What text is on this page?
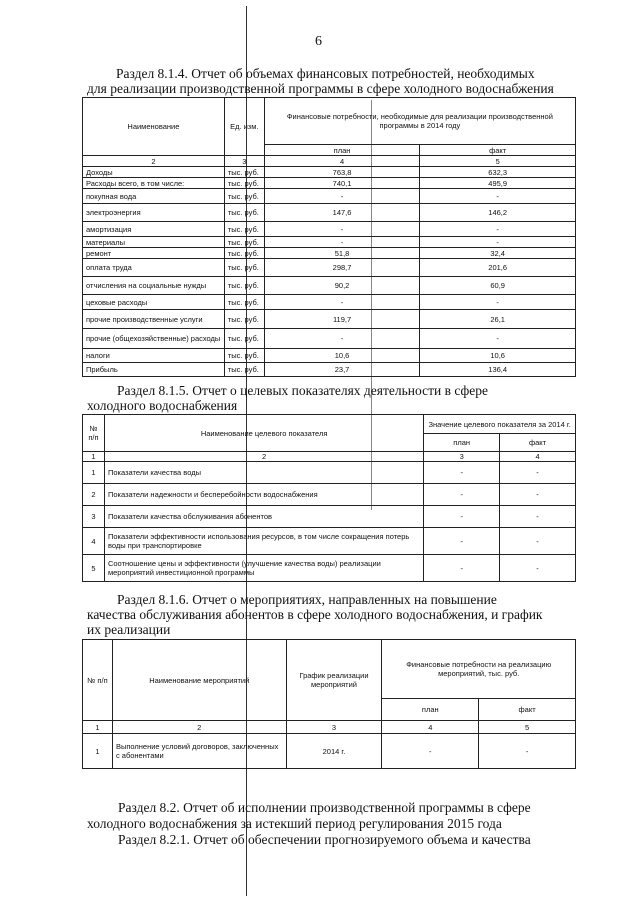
6
Раздел 8.1.4. Отчет об объемах финансовых потребностей, необходимых
для реализации производственной программы в сфере холодного водоснабжения
Наименование	Ед. изм.	Финансовые потребности, необходимые для реализации производственной программы в 2014 году	
		план	факт
2	3	4	5
Доходы	тыс. руб.	763,8	632,3
Расходы всего, в том числе:	тыс. руб.	740,1	495,9
покупная вода	тыс. руб.	-	-
электроэнергия	тыс. руб.	147,6	146,2
амортизация	тыс. руб.	-	-
материалы	тыс. руб.	-	-
ремонт	тыс. руб.	51,8	32,4
оплата труда	тыс. руб.	298,7	201,6
отчисления на социальные нужды	тыс. руб.	90,2	60,9
цеховые расходы	тыс. руб.	-	-
прочие производственные услуги	тыс. руб.	119,7	26,1
прочие (общехозяйственные) расходы	тыс. руб.	-	-
налоги	тыс. руб.	10,6	10,6
Прибыль	тыс. руб.	23,7	136,4
Раздел 8.1.5. Отчет о целевых показателях деятельности в сфере
холодного водоснабжения
№ п/п	Наименование целевого показателя	Значение целевого показателя за 2014 г.	
		план	факт
1	2	3	4
1	Показатели качества воды	-	-
2	Показатели надежности и бесперебойности водоснабжения	-	-
3	Показатели качества обслуживания абонентов	-	-
4	Показатели эффективности использования ресурсов, в том числе сокращения потерь воды при транспортировке	-	-
5	Соотношение цены и эффективности (улучшение качества воды) реализации мероприятий инвестиционной программы	-	-
Раздел 8.1.6. Отчет о мероприятиях, направленных на повышение
качества обслуживания абонентов в сфере холодного водоснабжения, и график
их реализации
№ п/п	Наименование мероприятий	График реализации мероприятий	Финансовые потребности на реализацию мероприятий, тыс. руб.	
			план	факт
1	2	3	4	5
1	Выполнение условий договоров, заключенных с абонентами	2014 г.	-	-
Раздел 8.2. Отчет об исполнении производственной программы в сфере
холодного водоснабжения за истекший период регулирования 2015 года
Раздел 8.2.1. Отчет об обеспечении прогнозируемого объема и качества
